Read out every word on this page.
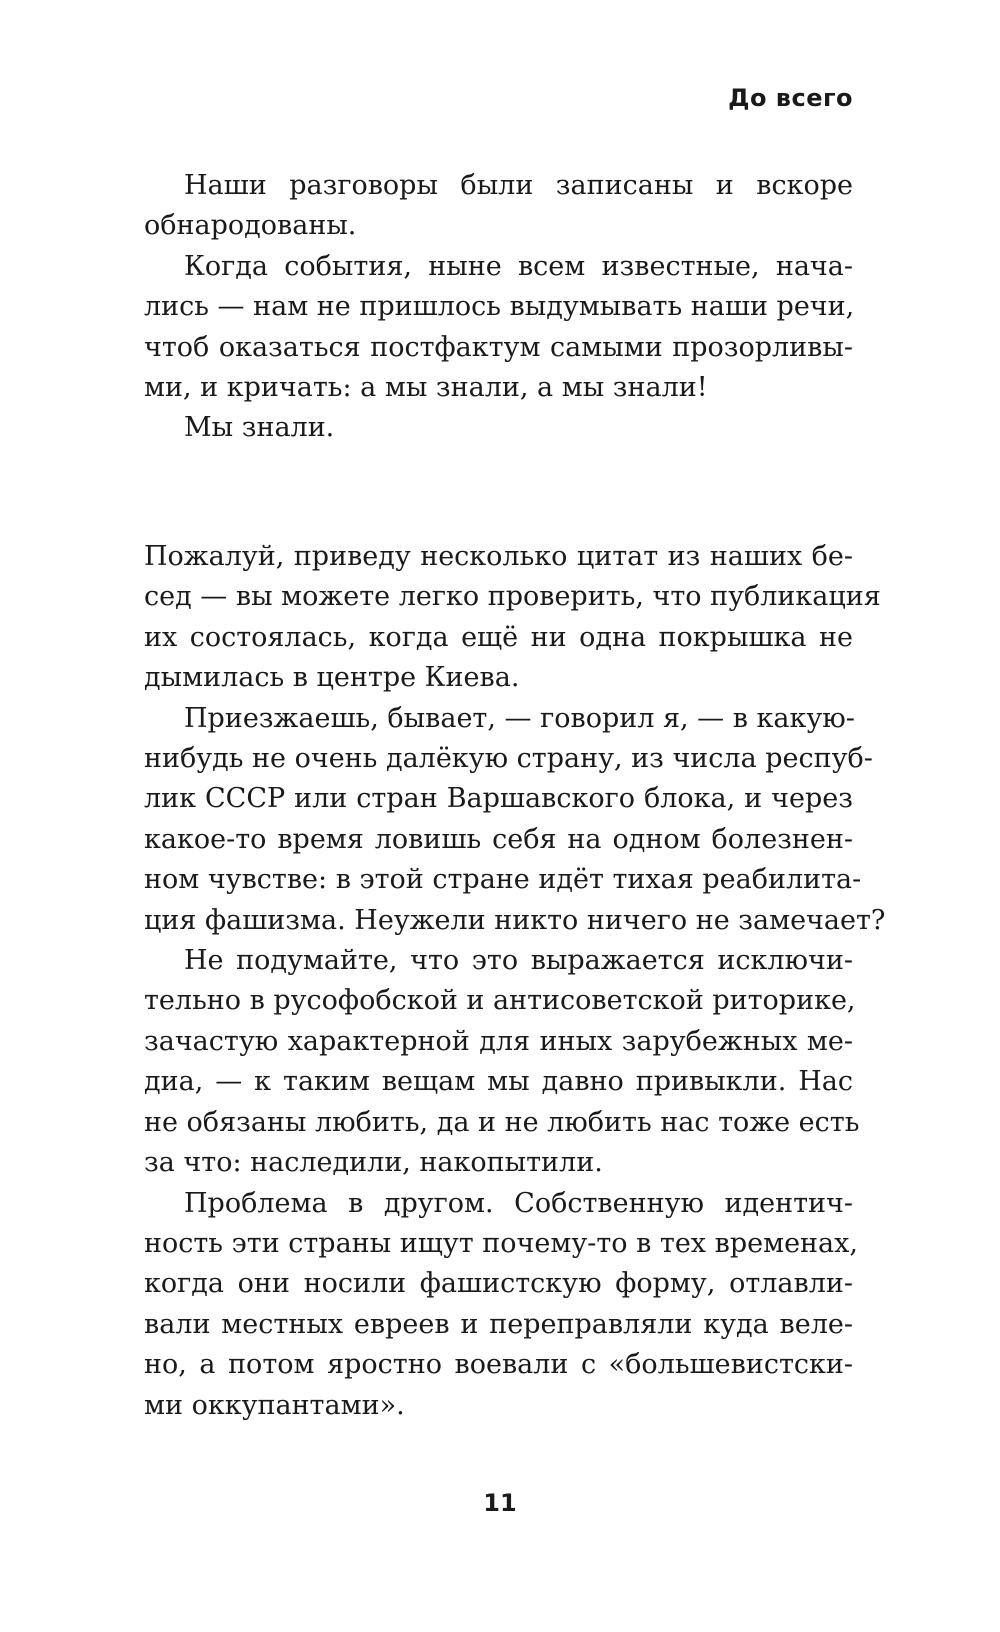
До всего
Наши разговоры были записаны и вскоре
обнародованы.
Когда события, ныне всем известные, нача-
лись — нам не пришлось выдумывать наши речи,
чтоб оказаться постфактум самыми прозорливы-
ми, и кричать: а мы знали, а мы знали!
Мы знали.
Пожалуй, приведу несколько цитат из наших бе-
сед — вы можете легко проверить, что публикация
их состоялась, когда ещё ни одна покрышка не
дымилась в центре Киева.
Приезжаешь, бывает, — говорил я, — в какую-
нибудь не очень далёкую страну, из числа респуб-
лик СССР или стран Варшавского блока, и через
какое-то время ловишь себя на одном болезнен-
ном чувстве: в этой стране идёт тихая реабилита-
ция фашизма. Неужели никто ничего не замечает?
Не подумайте, что это выражается исключи-
тельно в русофобской и антисоветской риторике,
зачастую характерной для иных зарубежных ме-
диа, — к таким вещам мы давно привыкли. Нас
не обязаны любить, да и не любить нас тоже есть
за что: наследили, накопытили.
Проблема в другом. Собственную идентич-
ность эти страны ищут почему-то в тех временах,
когда они носили фашистскую форму, отлавли-
вали местных евреев и переправляли куда веле-
но, а потом яростно воевали с «большевистски-
ми оккупантами».
11
